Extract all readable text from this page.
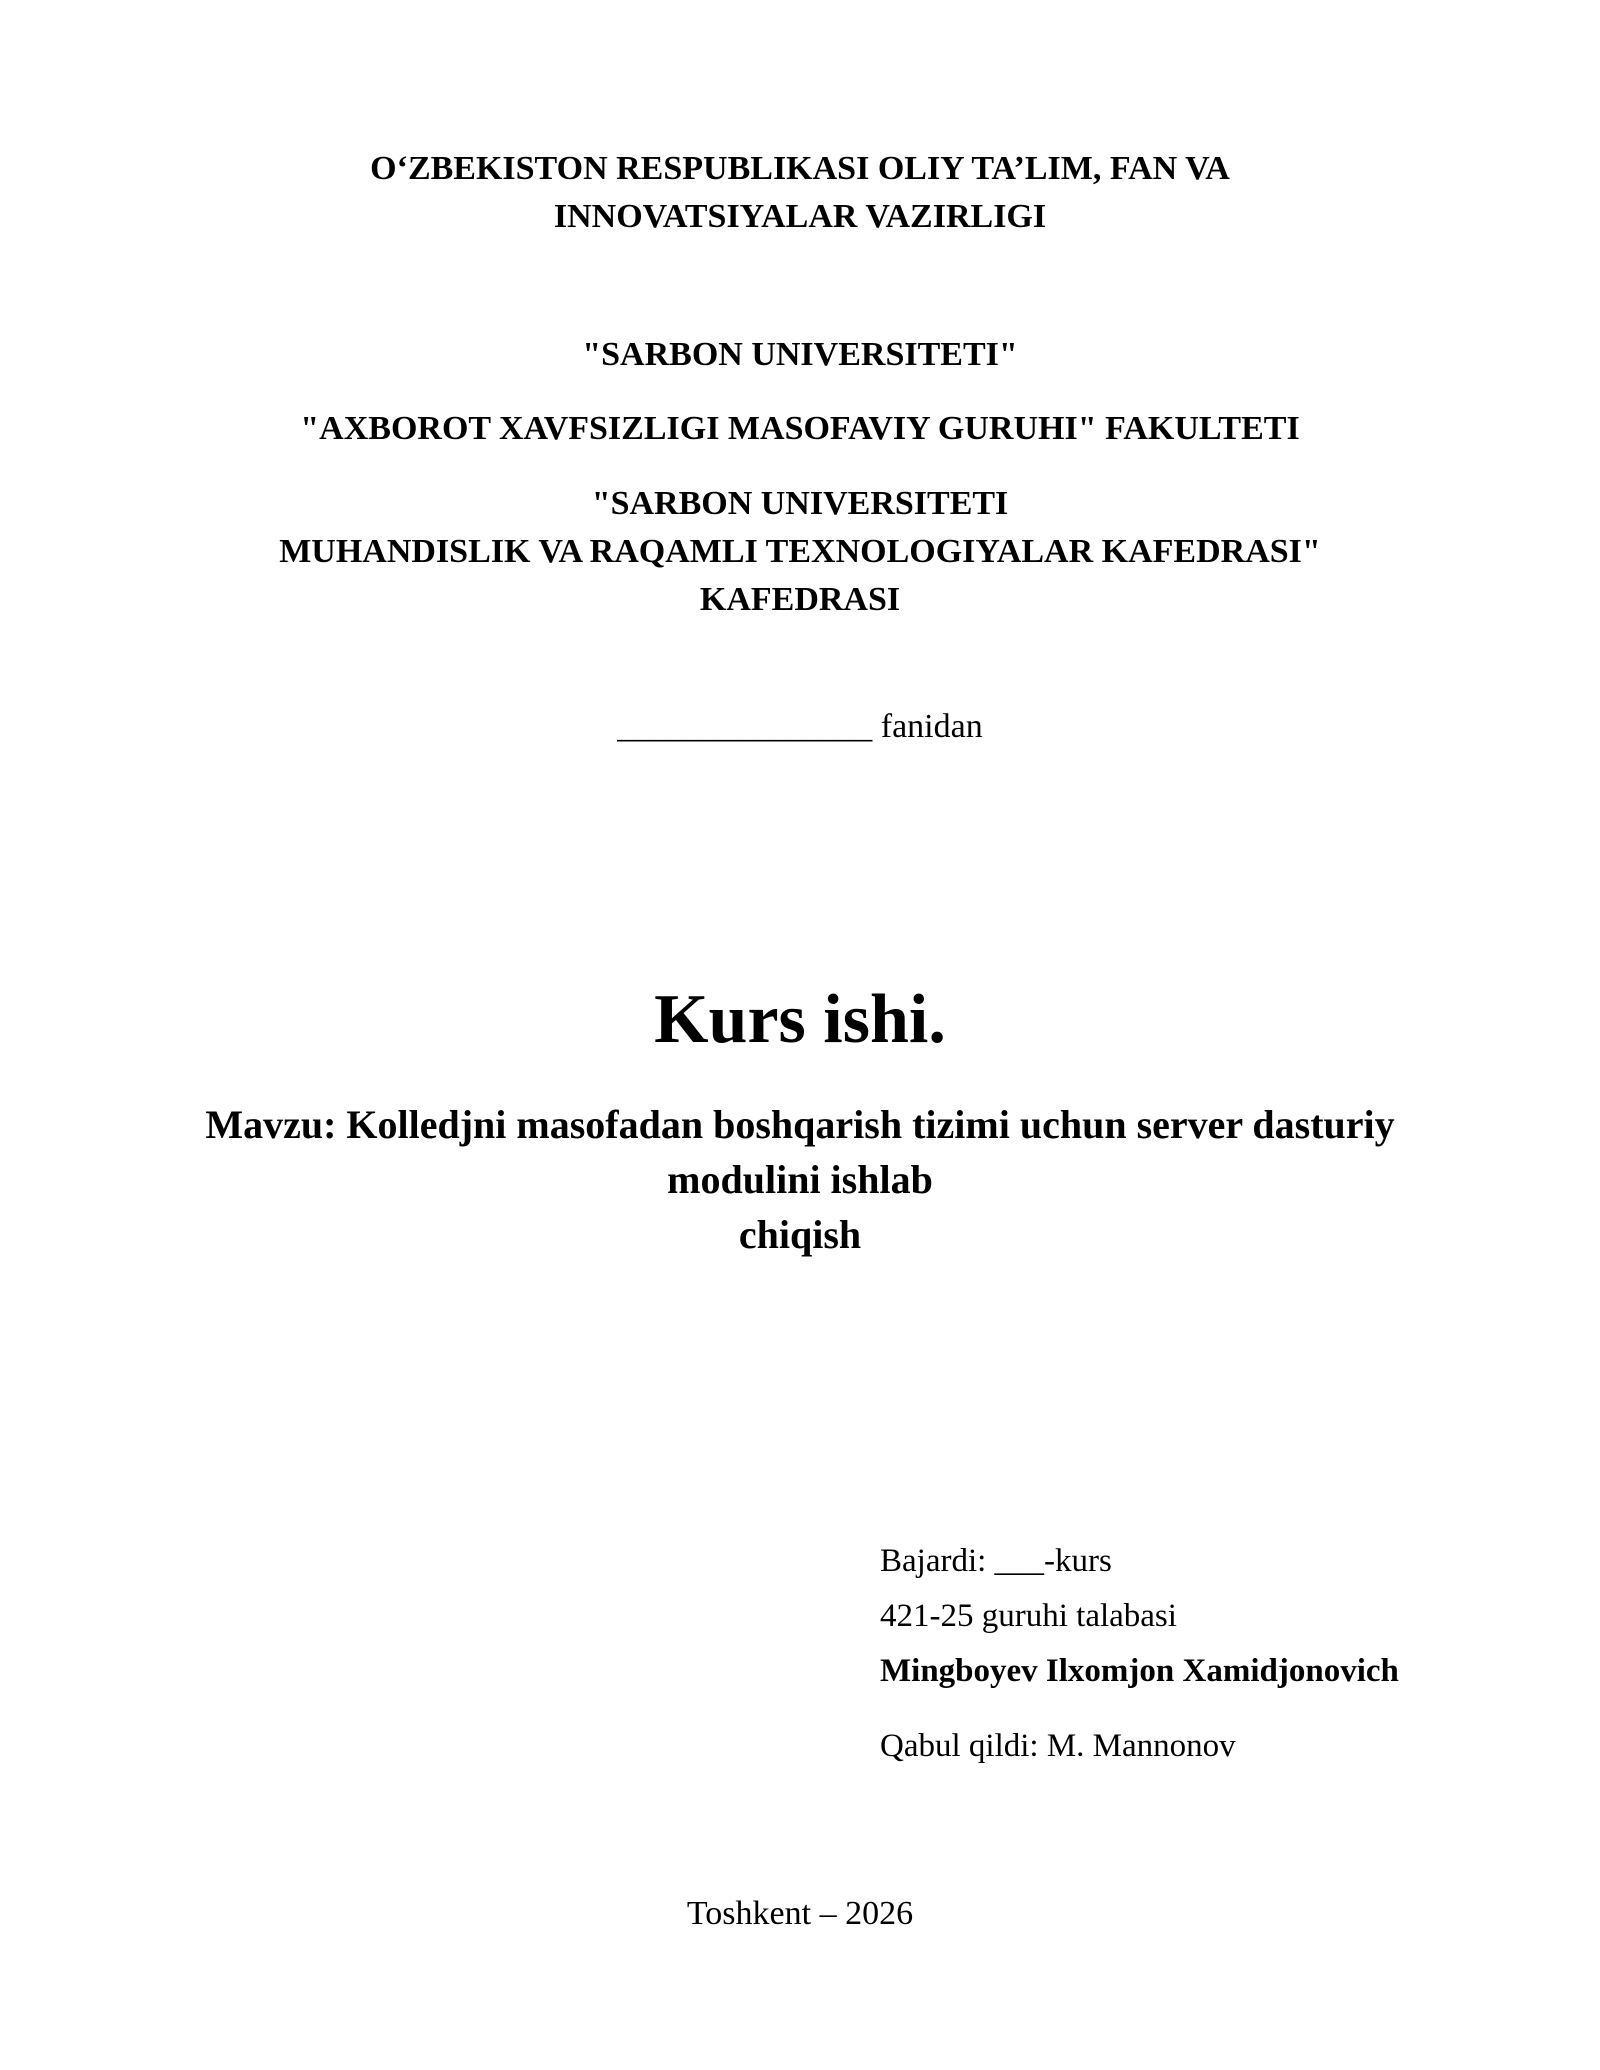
O‘ZBEKISTON RESPUBLIKASI OLIY TA’LIM, FAN VA
INNOVATSIYALAR VAZIRLIGI
"SARBON UNIVERSITETI"
"AXBOROT XAVFSIZLIGI MASOFAVIY GURUHI" FAKULTETI
"SARBON UNIVERSITETI
MUHANDISLIK VA RAQAMLI TEXNOLOGIYALAR KAFEDRASI"
KAFEDRASI
_______________ fanidan
Kurs ishi.
Mavzu: Kolledjni masofadan boshqarish tizimi uchun server dasturiy
modulini ishlab
chiqish
Bajardi: ___-kurs
421-25 guruhi talabasi
Mingboyev Ilxomjon Xamidjonovich
Qabul qildi: M. Mannonov
Toshkent – 2026
